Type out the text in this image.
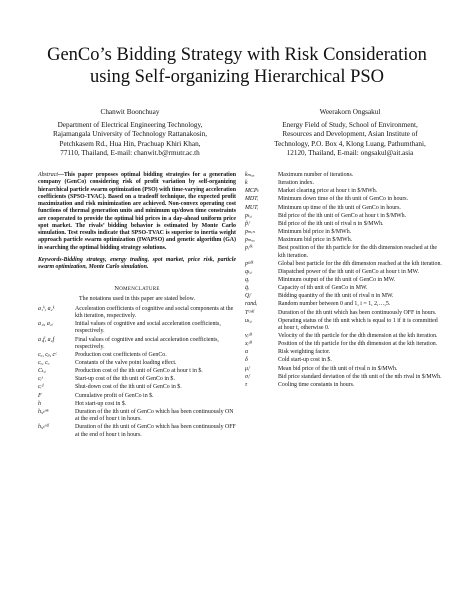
GenCo’s Bidding Strategy with Risk Consideration
using Self-organizing Hierarchical PSO
Chanwit Boonchuay
Department of Electrical Engineering Technology,
Rajamangala University of Technology Rattanakosin,
Petchkasem Rd., Hua Hin, Prachuap Khiri Khan,
77110, Thailand, E-mail: chanwit.b@rmutr.ac.th
Weerakorn Ongsakul
Energy Field of Study, School of Environment,
Resources and Development, Asian Institute of
Technology, P.O. Box 4, Klong Luang, Pathumthani,
12120, Thailand, E-mail: ongsakul@ait.asia
Abstract—This paper proposes optimal bidding strategies for a generation company (GenCo) considering risk of profit variation by self-organizing hierarchical particle swarm optimization (PSO) with time-varying acceleration coefficients (SPSO-TVAC). Based on a tradeoff technique, the expected profit maximization and risk minimization are achieved. Non-convex operating cost functions of thermal generation units and minimum up/down time constraints are cooperated to provide the optimal bid prices in a day-ahead uniform price spot market. The rivals’ bidding behavior is estimated by Monte Carlo simulation. Test results indicate that SPSO-TVAC is superior to inertia weight approach particle swarm optimization (IWAPSO) and genetic algorithm (GA) in searching the optimal bidding strategy solutions.
Keywords-Bidding strategy, energy trading, spot market, price risk, particle swarm optimization, Monte Carlo simulation.
Nomenclature
The notations used in this paper are stated below.
a₁ᵏ, a₂ᵏ	Acceleration coefficients of cognitive and social components at the kth iteration, respectively.
a₁ᵢ, a₂ᵢ	Initial values of cognitive and social acceleration coefficients, respectively.
a₁f, a₂f	Final values of cognitive and social acceleration coefficients, respectively.
cₐ, cᵦ, cᶜ	Production cost coefficients of GenCo.
cₑ, cₒ	Constants of the valve point loading effect.
Cₜ,ᵢ	Production cost of the ith unit of GenCo at hour t in $.
cᵢˢ	Start-up cost of the ith unit of GenCo in $.
cᵢᵈ	Shut-down cost of the ith unit of GenCo in $.
F	Cumulative profit of GenCo in $.
h	Hot start-up cost in $.
hᵢ,ₜᵒⁿ	Duration of the ith unit of GenCo which has been continuously ON at the end of hour t in hours.
hᵢ,ₜᵒᶠᶠ	Duration of the ith unit of GenCo which has been continuously OFF at the end of hour t in hours.
kₘₐₓ	Maximum number of iterations.
k	Iteration index.
MCPₜ	Market clearing price at hour t in $/MWh.
MDTᵢ	Minimum down time of the ith unit of GenCo in hours.
MUTᵢ	Minimum up time of the ith unit of GenCo in hours.
pₜ,ᵢ	Bid price of the ith unit of GenCo at hour t in $/MWh.
p̃ᵢʳ	Bid price of the ith unit of rival n in $/MWh.
pₘᵢₙ	Minimum bid price in $/MWh.
pₘₐₓ	Maximum bid price in $/MWh.
pᵢᵈᵏ	Best position of the ith particle for the dth dimension reached at the kth iteration.
pᵍᵈᵏ	Global best particle for the dth dimension reached at the kth iteration.
qₜ,ᵢ	Dispatched power of the ith unit of GenCo at hour t in MW.
qᵢ	Minimum output of the ith unit of GenCo in MW.
q̄ᵢ	Capacity of ith unit of GenCo in MW.
Qᵢʳ	Bidding quantity of the ith unit of rival n in MW.
randᵢ	Random number between 0 and 1, i = 1, 2,…,5.
Tᶜᵒˡᵈ	Duration of the ith unit which has been continuously OFF in hours.
uₜ,ᵢ	Operating status of the ith unit which is equal to 1 if it is committed at hour t, otherwise 0.
vᵢᵈᵏ	Velocity of the ith particle for the dth dimension at the kth iteration.
xᵢᵈᵏ	Position of the ith particle for the dth dimension at the kth iteration.
α	Risk weighting factor.
δ	Cold start-up cost in $.
μᵢʳ	Mean bid price of the ith unit of rival n in $/MWh.
σᵢʳ	Bid price standard deviation of the ith unit of the nth rival in $/MWh.
τ	Cooling time constants in hours.
